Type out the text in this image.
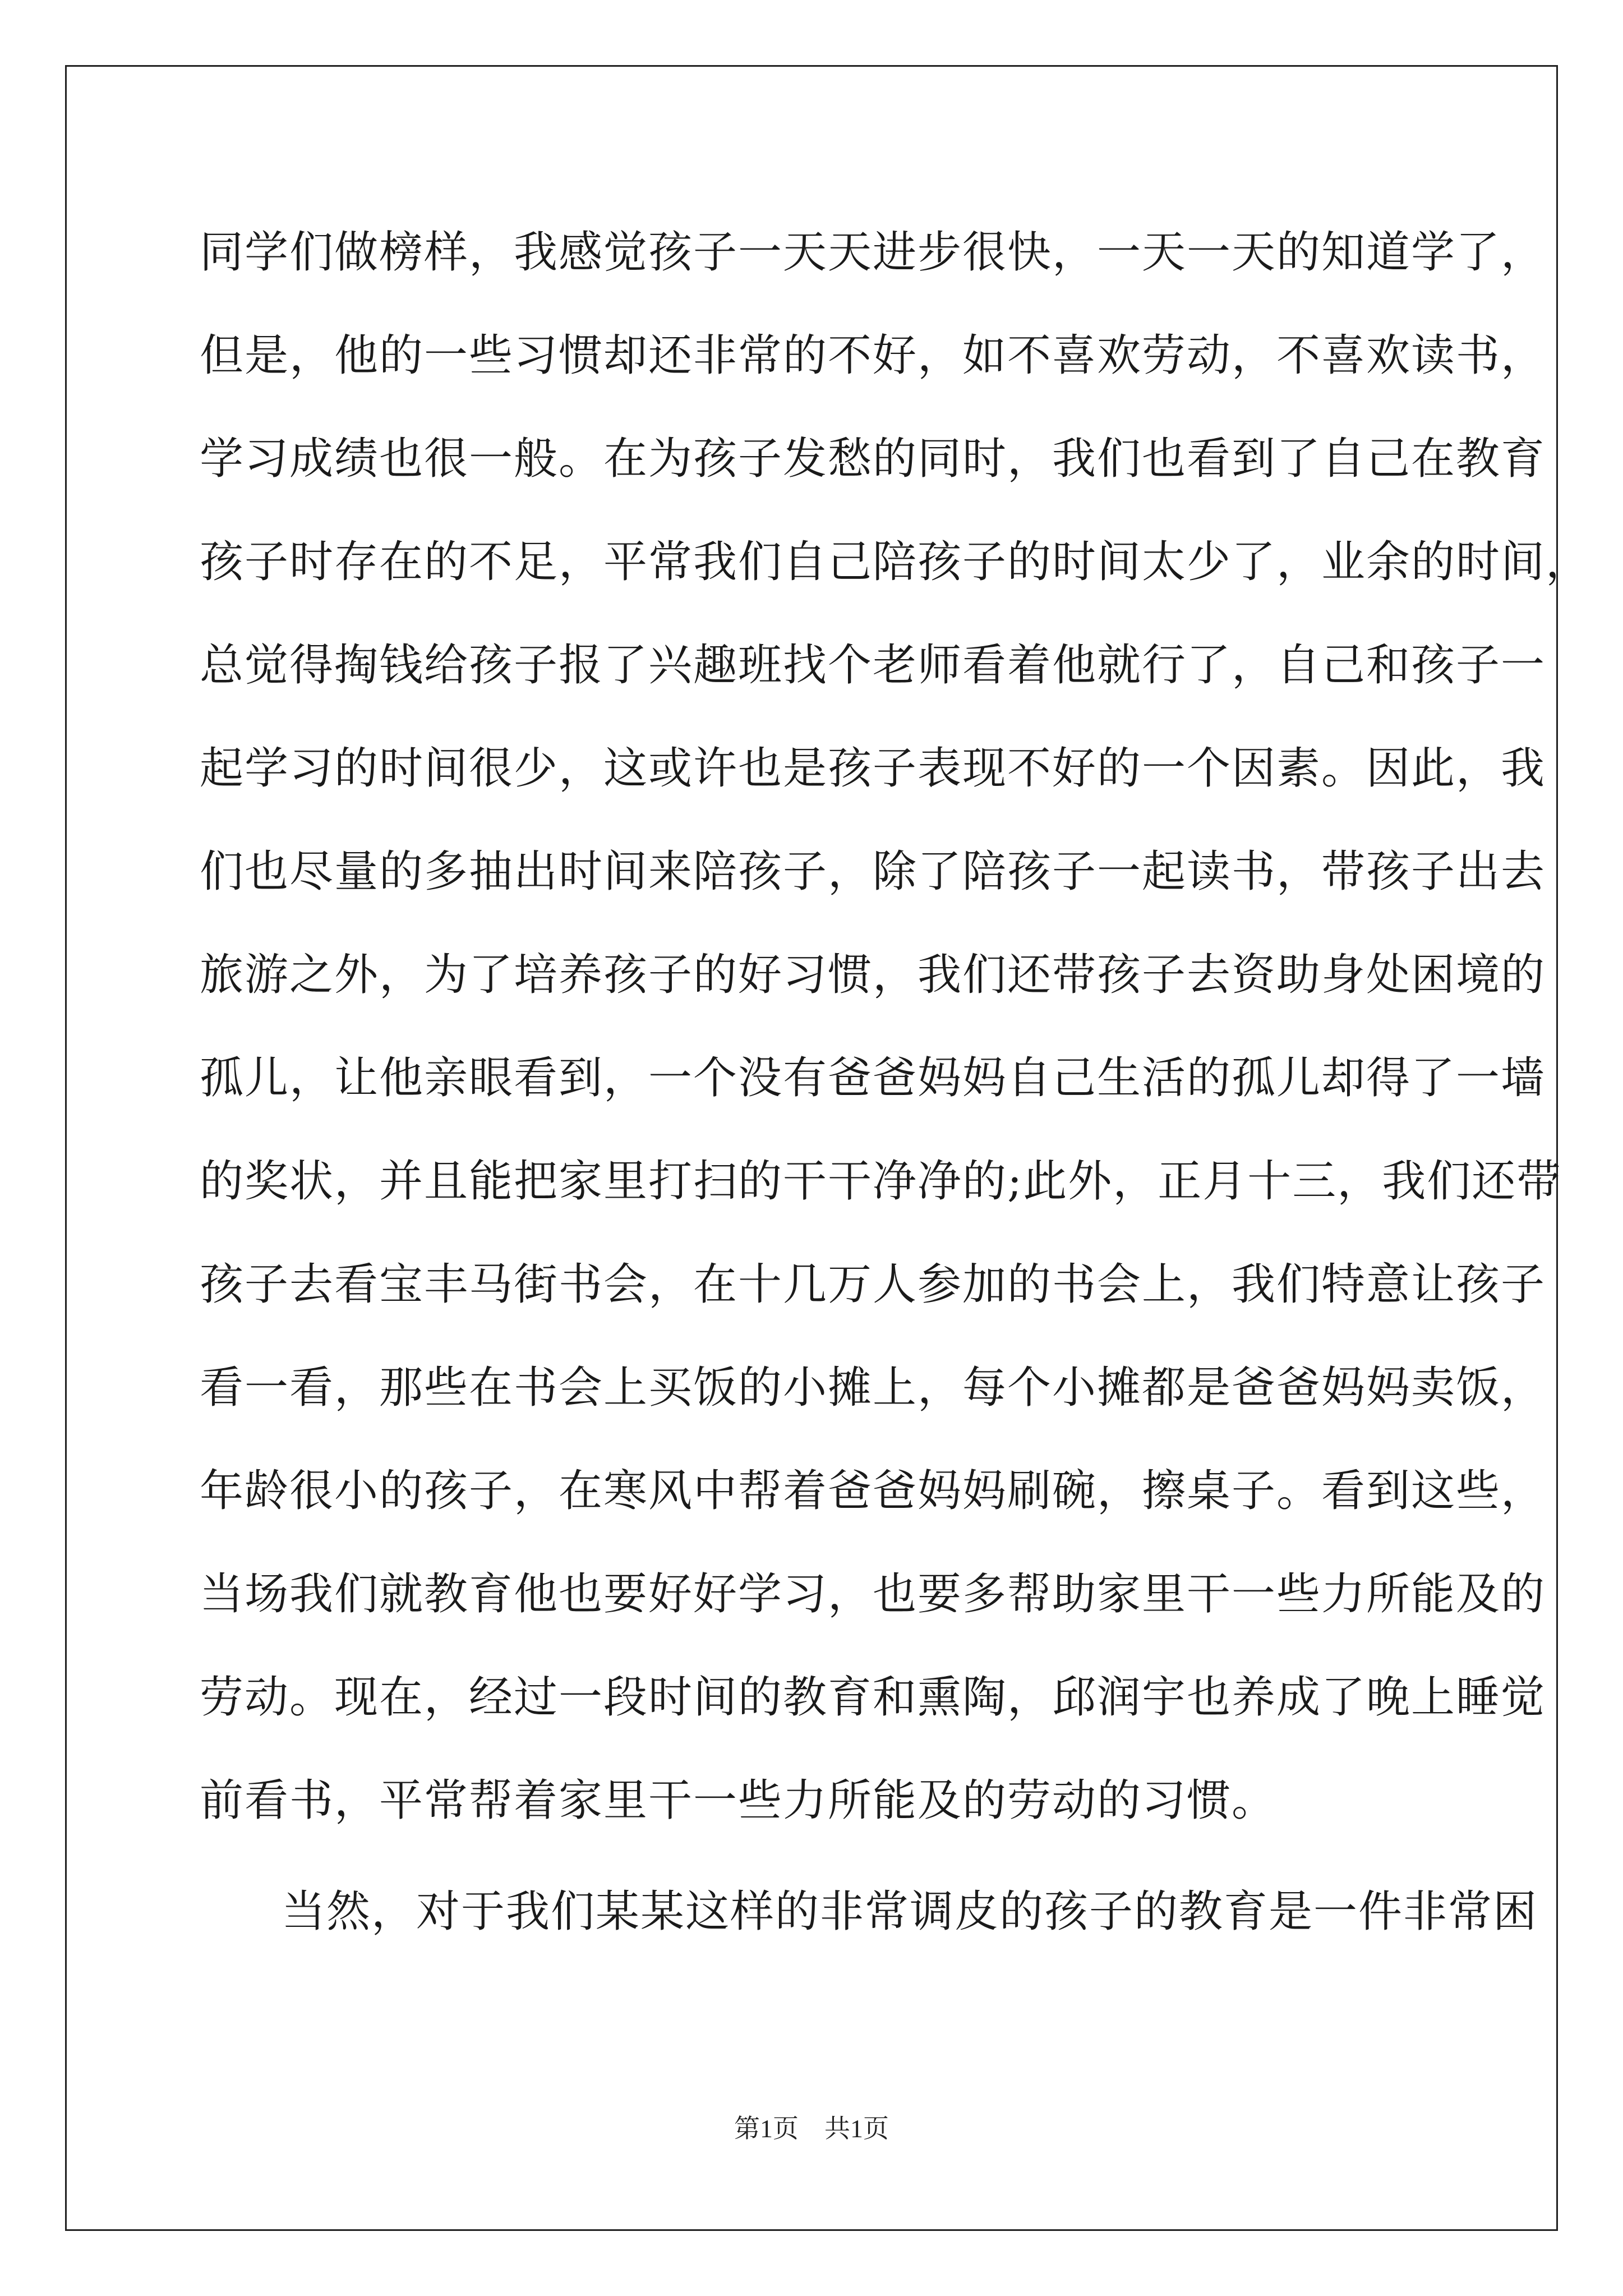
同学们做榜样，我感觉孩子一天天进步很快，一天一天的知道学了，
但是，他的一些习惯却还非常的不好，如不喜欢劳动，不喜欢读书，
学习成绩也很一般。在为孩子发愁的同时，我们也看到了自己在教育
孩子时存在的不足，平常我们自己陪孩子的时间太少了，业余的时间，
总觉得掏钱给孩子报了兴趣班找个老师看着他就行了，自己和孩子一
起学习的时间很少，这或许也是孩子表现不好的一个因素。因此，我
们也尽量的多抽出时间来陪孩子，除了陪孩子一起读书，带孩子出去
旅游之外，为了培养孩子的好习惯，我们还带孩子去资助身处困境的
孤儿，让他亲眼看到，一个没有爸爸妈妈自己生活的孤儿却得了一墙
的奖状，并且能把家里打扫的干干净净的;此外，正月十三，我们还带
孩子去看宝丰马街书会，在十几万人参加的书会上，我们特意让孩子
看一看，那些在书会上买饭的小摊上，每个小摊都是爸爸妈妈卖饭，
年龄很小的孩子，在寒风中帮着爸爸妈妈刷碗，擦桌子。看到这些，
当场我们就教育他也要好好学习，也要多帮助家里干一些力所能及的
劳动。现在，经过一段时间的教育和熏陶，邱润宇也养成了晚上睡觉
前看书，平常帮着家里干一些力所能及的劳动的习惯。
当然，对于我们某某这样的非常调皮的孩子的教育是一件非常困
第1页　共1页
